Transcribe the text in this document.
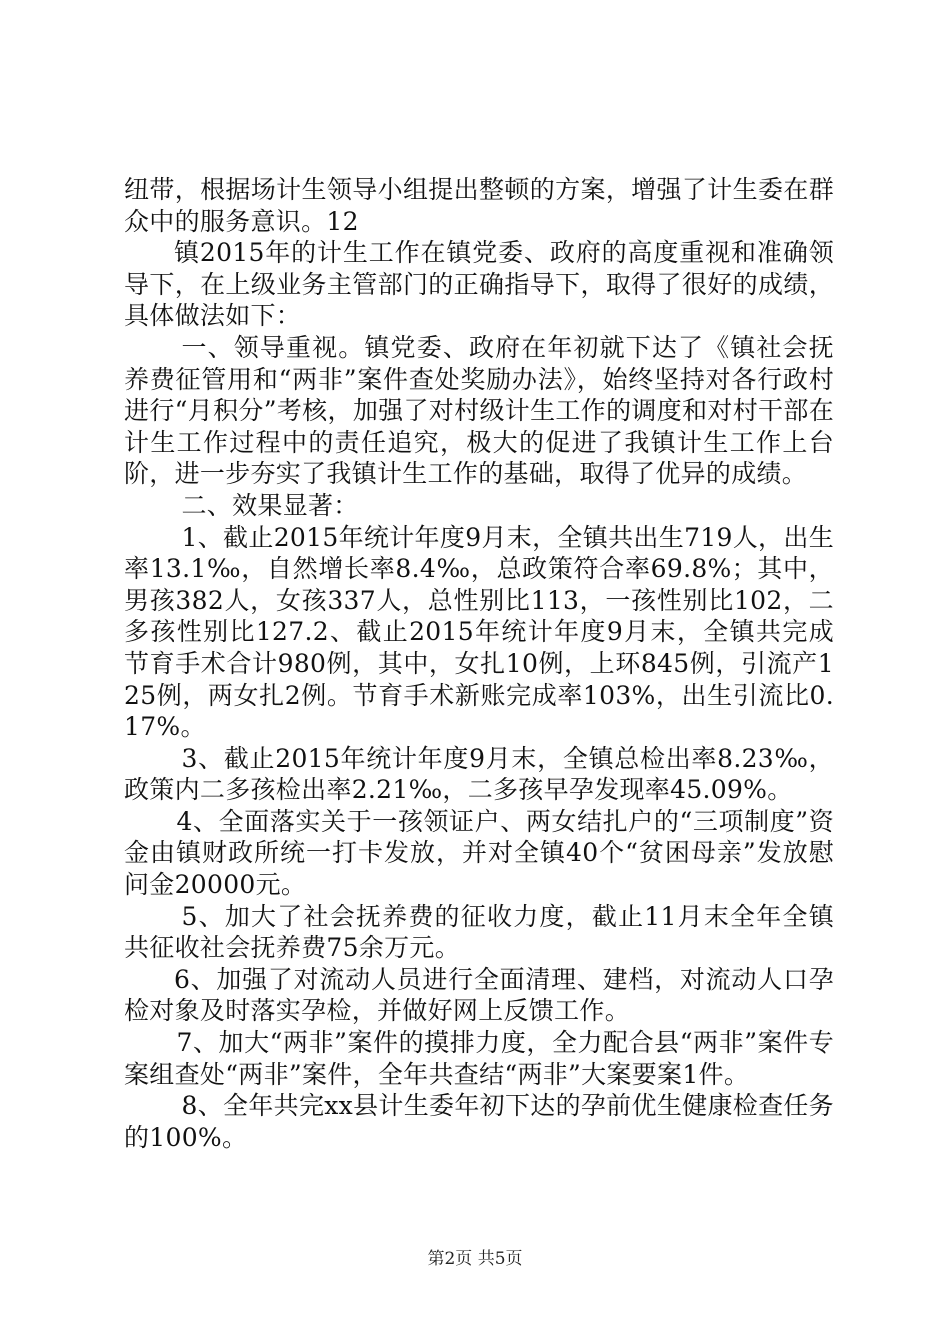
纽带，根据场计生领导小组提出整顿的方案，增强了计生委在群众中的服务意识。12

镇2015年的计生工作在镇党委、政府的高度重视和准确领导下，在上级业务主管部门的正确指导下，取得了很好的成绩，具体做法如下：

一、领导重视。镇党委、政府在年初就下达了《镇社会抚养费征管用和“两非”案件查处奖励办法》，始终坚持对各行政村进行“月积分”考核，加强了对村级计生工作的调度和对村干部在计生工作过程中的责任追究，极大的促进了我镇计生工作上台阶，进一步夯实了我镇计生工作的基础，取得了优异的成绩。

二、效果显著：

1、截止2015年统计年度9月末，全镇共出生719人，出生率13.1‰，自然增长率8.4‰，总政策符合率69.8%；其中，男孩382人，女孩337人，总性别比113，一孩性别比102，二多孩性别比127.2、截止2015年统计年度9月末，全镇共完成节育手术合计980例，其中，女扎10例，上环845例，引流产125例，两女扎2例。节育手术新账完成率103%，出生引流比0.17%。

3、截止2015年统计年度9月末，全镇总检出率8.23‰，政策内二多孩检出率2.21‰，二多孩早孕发现率45.09%。

4、全面落实关于一孩领证户、两女结扎户的“三项制度”资金由镇财政所统一打卡发放，并对全镇40个“贫困母亲”发放慰问金20000元。

5、加大了社会抚养费的征收力度，截止11月末全年全镇共征收社会抚养费75余万元。

6、加强了对流动人员进行全面清理、建档，对流动人口孕检对象及时落实孕检，并做好网上反馈工作。

7、加大“两非”案件的摸排力度，全力配合县“两非”案件专案组查处“两非”案件，全年共查结“两非”大案要案1件。

8、全年共完xx县计生委年初下达的孕前优生健康检查任务的100%。

第2页 共5页
